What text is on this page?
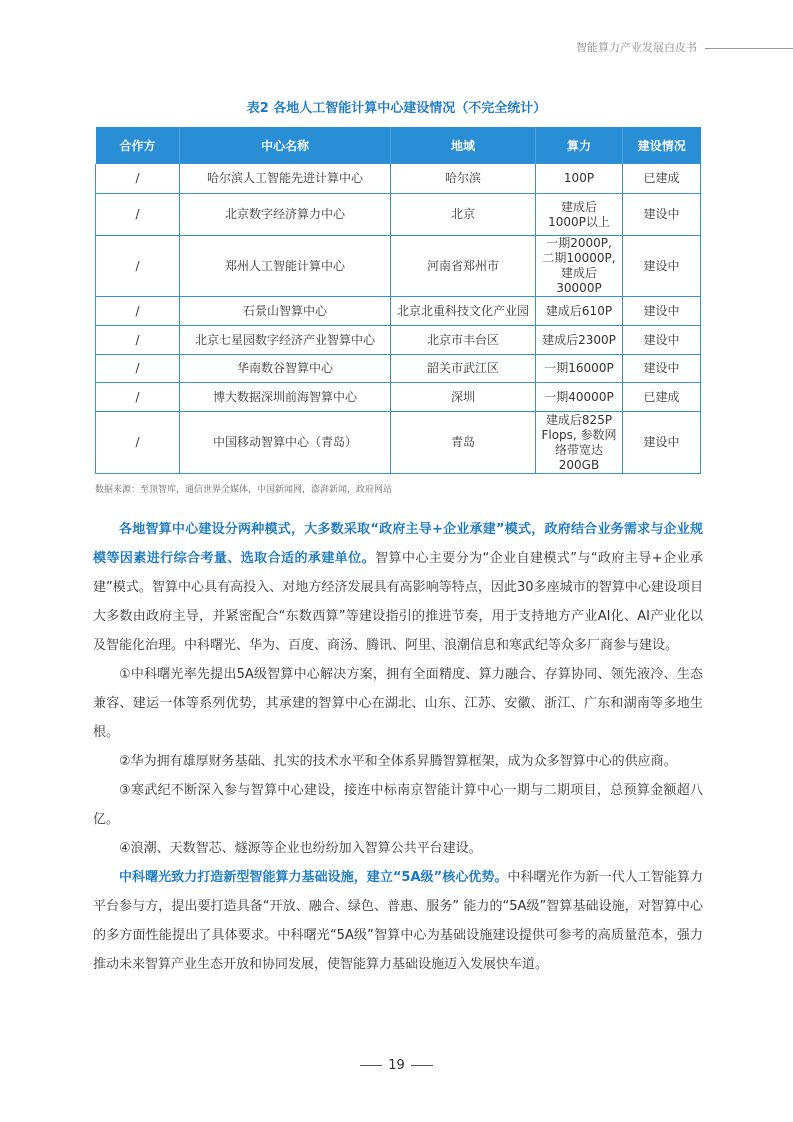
智能算力产业发展白皮书
表2 各地人工智能计算中心建设情况（不完全统计）
合作方	中心名称	地域	算力	建设情况
/	哈尔滨人工智能先进计算中心	哈尔滨	100P	已建成
/	北京数字经济算力中心	北京	建成后
1000P以上	建设中
/	郑州人工智能计算中心	河南省郑州市	一期2000P,
二期10000P,
建成后30000P	建设中
/	石景山智算中心	北京北重科技文化产业园	建成后610P	建设中
/	北京七星园数字经济产业智算中心	北京市丰台区	建成后2300P	建设中
/	华南数谷智算中心	韶关市武江区	一期16000P	建设中
/	博大数据深圳前海智算中心	深圳	一期40000P	已建成
/	中国移动智算中心（青岛）	青岛	建成后825P
Flops, 参数网
络带宽达200GB	建设中
数据来源：至顶智库，通信世界全媒体，中国新闻网，澎湃新闻，政府网站

各地智算中心建设分两种模式，大多数采取“政府主导+企业承建”模式，政府结合业务需求与企业规模等因素进行综合考量、选取合适的承建单位。智算中心主要分为“企业自建模式”与“政府主导+企业承建”模式。智算中心具有高投入、对地方经济发展具有高影响等特点，因此30多座城市的智算中心建设项目大多数由政府主导，并紧密配合“东数西算”等建设指引的推进节奏，用于支持地方产业AI化、AI产业化以及智能化治理。中科曙光、华为、百度、商汤、腾讯、阿里、浪潮信息和寒武纪等众多厂商参与建设。

①中科曙光率先提出5A级智算中心解决方案，拥有全面精度、算力融合、存算协同、领先液冷、生态兼容、建运一体等系列优势，其承建的智算中心在湖北、山东、江苏、安徽、浙江、广东和湖南等多地生根。

②华为拥有雄厚财务基础、扎实的技术水平和全体系昇腾智算框架，成为众多智算中心的供应商。

③寒武纪不断深入参与智算中心建设，接连中标南京智能计算中心一期与二期项目，总预算金额超八亿。

④浪潮、天数智芯、燧源等企业也纷纷加入智算公共平台建设。

中科曙光致力打造新型智能算力基础设施，建立“5A级”核心优势。中科曙光作为新一代人工智能算力平台参与方，提出要打造具备“开放、融合、绿色、普惠、服务” 能力的“5A级”智算基础设施，对智算中心的多方面性能提出了具体要求。中科曙光“5A级”智算中心为基础设施建设提供可参考的高质量范本，强力推动未来智算产业生态开放和协同发展，使智能算力基础设施迈入发展快车道。

19
